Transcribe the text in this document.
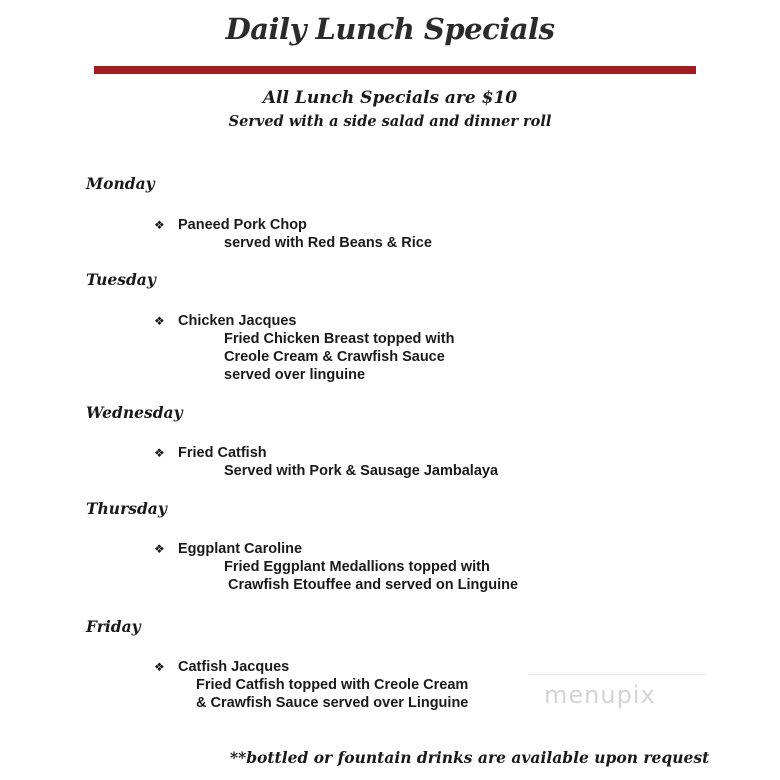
Daily Lunch Specials
All Lunch Specials are $10
Served with a side salad and dinner roll
Monday
❖ Paneed Pork Chop
served with Red Beans & Rice
Tuesday
❖ Chicken Jacques
Fried Chicken Breast topped with
Creole Cream & Crawfish Sauce
served over linguine
Wednesday
❖ Fried Catfish
Served with Pork & Sausage Jambalaya
Thursday
❖ Eggplant Caroline
Fried Eggplant Medallions topped with
Crawfish Etouffee and served on Linguine
Friday
❖ Catfish Jacques
Fried Catfish topped with Creole Cream
& Crawfish Sauce served over Linguine	menupix
**bottled or fountain drinks are available upon request
